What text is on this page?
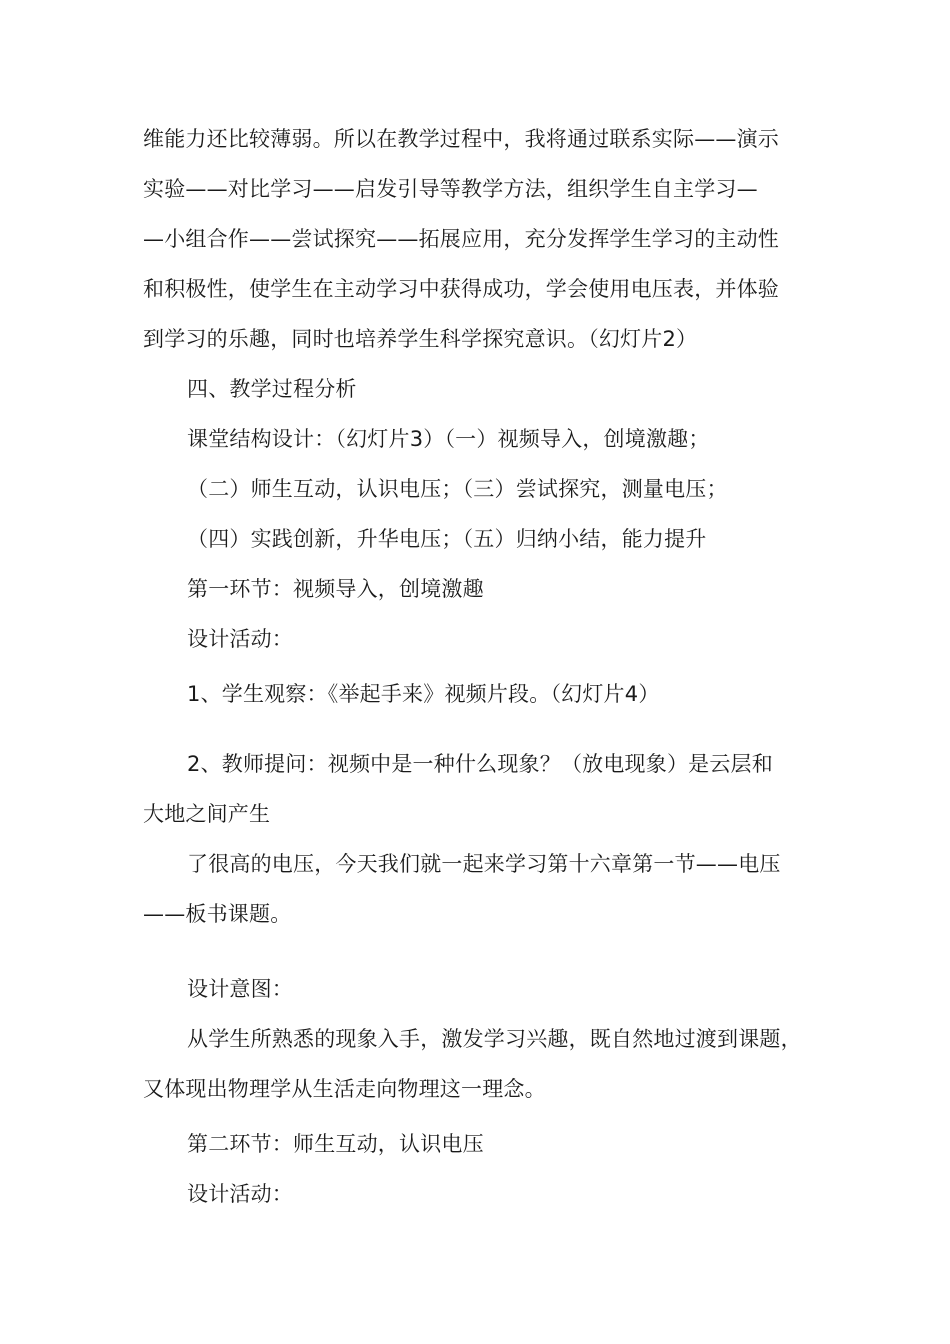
维能力还比较薄弱。所以在教学过程中，我将通过联系实际——演示
实验——对比学习——启发引导等教学方法，组织学生自主学习—
—小组合作——尝试探究——拓展应用，充分发挥学生学习的主动性
和积极性，使学生在主动学习中获得成功，学会使用电压表，并体验
到学习的乐趣，同时也培养学生科学探究意识。（幻灯片2）
四、教学过程分析
课堂结构设计：（幻灯片3）（一）视频导入，创境激趣；
（二）师生互动，认识电压；（三）尝试探究，测量电压；
（四）实践创新，升华电压；（五）归纳小结，能力提升
第一环节：视频导入，创境激趣
设计活动：
1、学生观察：《举起手来》视频片段。（幻灯片4）
2、教师提问：视频中是一种什么现象？（放电现象）是云层和
大地之间产生
了很高的电压，今天我们就一起来学习第十六章第一节——电压
——板书课题。
设计意图：
从学生所熟悉的现象入手，激发学习兴趣，既自然地过渡到课题，
又体现出物理学从生活走向物理这一理念。
第二环节：师生互动，认识电压
设计活动：
